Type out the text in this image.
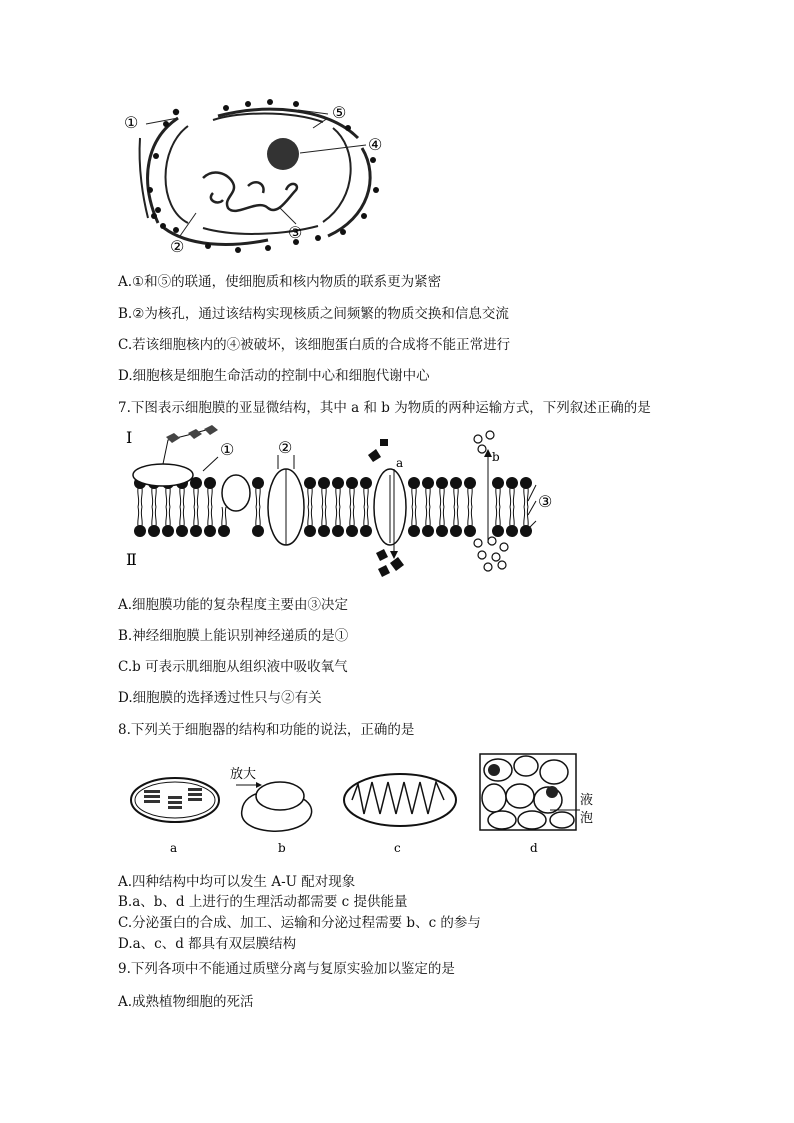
①
②
③
④
⑤
A.①和⑤的联通，使细胞质和核内物质的联系更为紧密
B.②为核孔，通过该结构实现核质之间频繁的物质交换和信息交流
C.若该细胞核内的④被破坏，该细胞蛋白质的合成将不能正常进行
D.细胞核是细胞生命活动的控制中心和细胞代谢中心
7.下图表示细胞膜的亚显微结构，其中 a 和 b 为物质的两种运输方式，下列叙述正确的是
I
Ⅱ
①	②
③
a	b
A.细胞膜功能的复杂程度主要由③决定
B.神经细胞膜上能识别神经递质的是①
C.b 可表示肌细胞从组织液中吸收氧气
D.细胞膜的选择透过性只与②有关
8.下列关于细胞器的结构和功能的说法，正确的是
放大
液
泡
a	b	c	d
A.四种结构中均可以发生 A-U 配对现象
B.a、b、d 上进行的生理活动都需要 c 提供能量
C.分泌蛋白的合成、加工、运输和分泌过程需要 b、c 的参与
D.a、c、d 都具有双层膜结构
9.下列各项中不能通过质壁分离与复原实验加以鉴定的是
A.成熟植物细胞的死活
